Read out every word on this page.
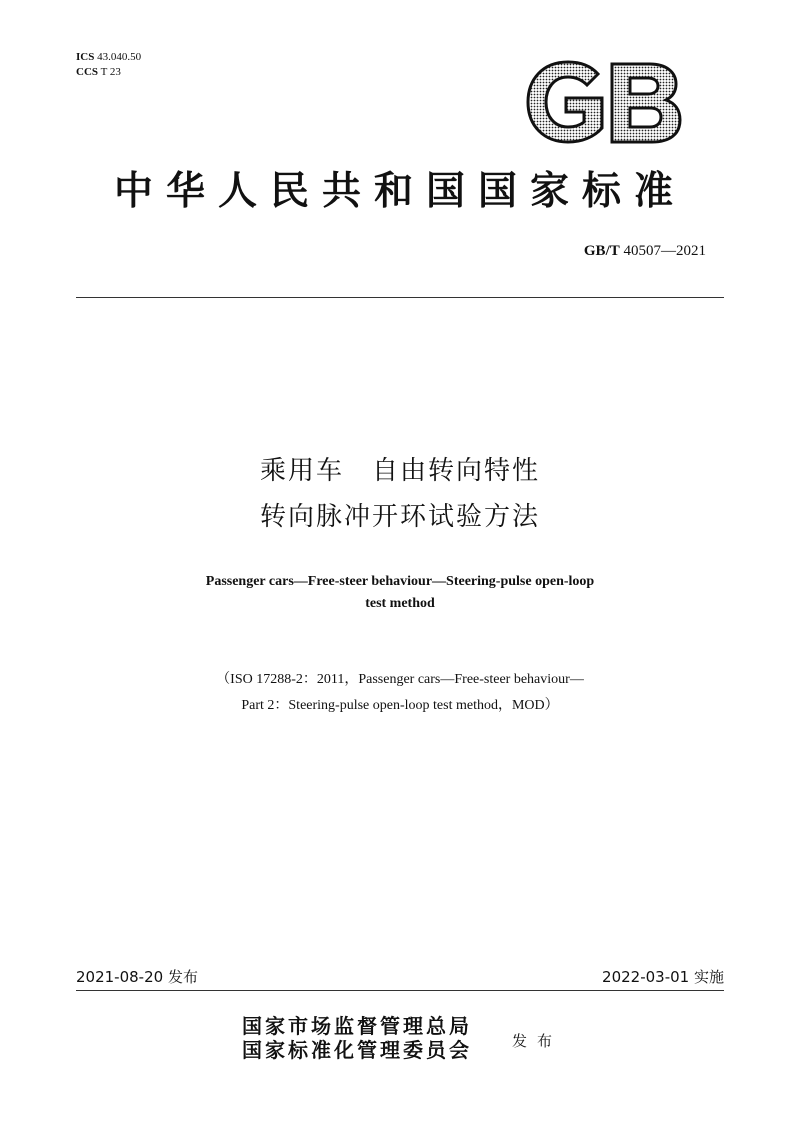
ICS 43.040.50
CCS T 23
中华人民共和国国家标准
GB/T 40507—2021
乘用车　自由转向特性
转向脉冲开环试验方法
Passenger cars—Free-steer behaviour—Steering-pulse open-loop
test method
（ISO 17288-2：2011，Passenger cars—Free-steer behaviour—
Part 2：Steering-pulse open-loop test method，MOD）
2021-08-20 发布	2022-03-01 实施
国家市场监督管理总局
国家标准化管理委员会	发布
